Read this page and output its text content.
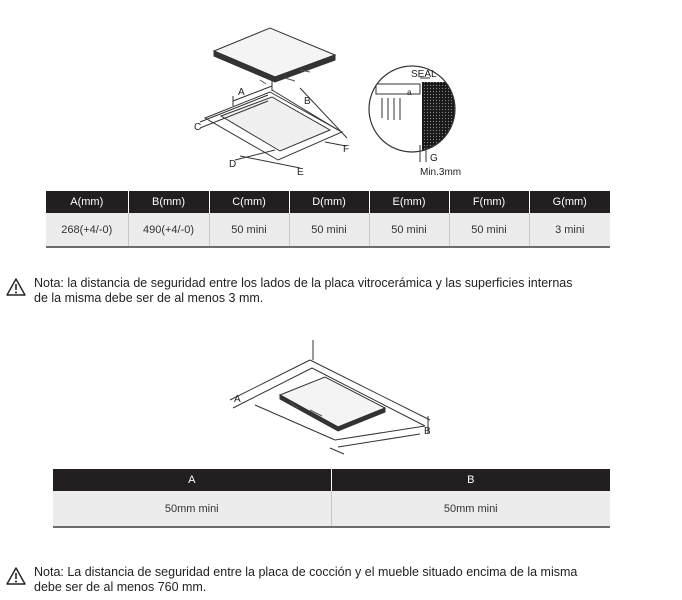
A
B
C
D
E
F
SEAL
a
G
Min.3mm
A(mm)	B(mm)	C(mm)	D(mm)	E(mm)	F(mm)	G(mm)
268(+4/-0)	490(+4/-0)	50 mini	50 mini	50 mini	50 mini	3 mini
Nota: la distancia de seguridad entre los lados de la placa vitrocerámica y las superficies internas
de la misma debe ser de al menos 3 mm.
A
B
A	B
50mm mini	50mm mini
Nota: La distancia de seguridad entre la placa de cocción y el mueble situado encima de la misma
debe ser de al menos 760 mm.
